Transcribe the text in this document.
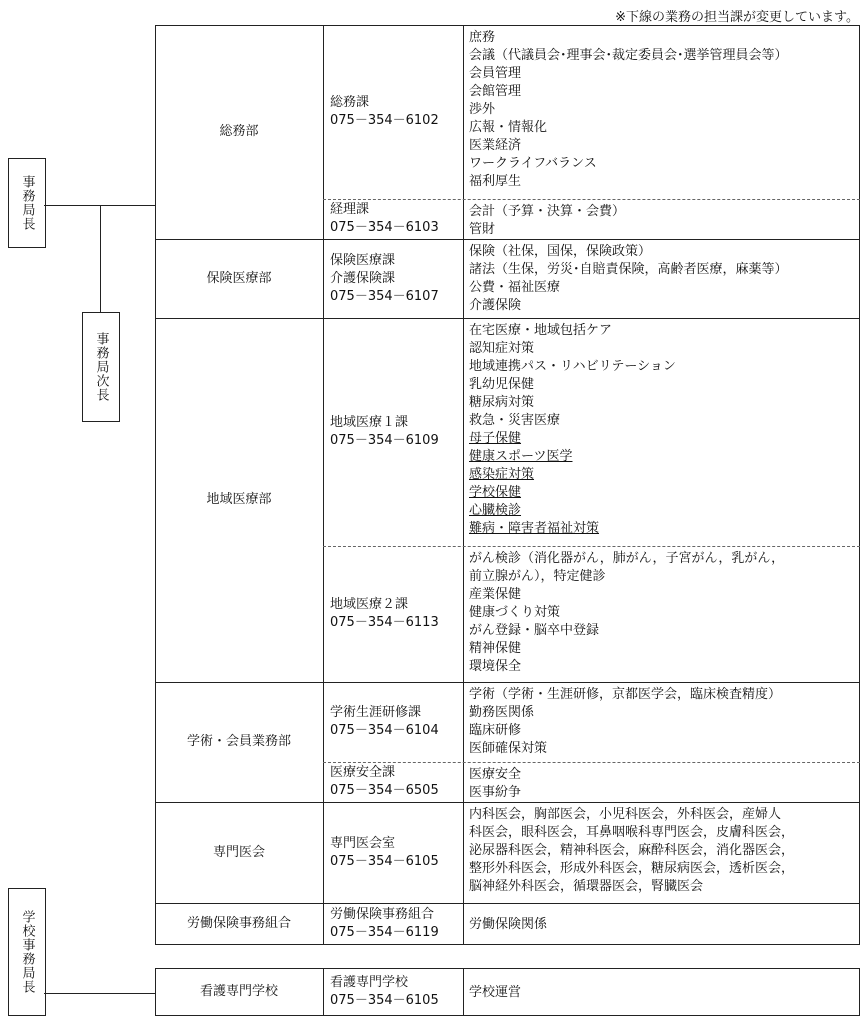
※下線の業務の担当課が変更しています。
事務局長
事務局次長
学校事務局長
総務部
保険医療部
地域医療部
学術・会員業務部
専門医会
労働保険事務組合
総務課
075－354－6102
庶務
会議（代議員会･理事会･裁定委員会･選挙管理員会等）
会員管理
会館管理
渉外
広報・情報化
医業経済
ワークライフバランス
福利厚生
経理課
075－354－6103
会計（予算・決算・会費）
管財
保険医療課
介護保険課
075－354－6107
保険（社保，国保，保険政策）
諸法（生保，労災･自賠責保険，高齢者医療，麻薬等）
公費・福祉医療
介護保険
地域医療１課
075－354－6109
在宅医療・地域包括ケア
認知症対策
地域連携パス・リハビリテーション
乳幼児保健
糖尿病対策
救急・災害医療
母子保健
健康スポーツ医学
感染症対策
学校保健
心臓検診
難病・障害者福祉対策
地域医療２課
075－354－6113
がん検診（消化器がん，肺がん，子宮がん，乳がん，
前立腺がん），特定健診
産業保健
健康づくり対策
がん登録・脳卒中登録
精神保健
環境保全
学術生涯研修課
075－354－6104
学術（学術・生涯研修，京都医学会，臨床検査精度）
勤務医関係
臨床研修
医師確保対策
医療安全課
075－354－6505
医療安全
医事紛争
専門医会室
075－354－6105
内科医会，胸部医会，小児科医会，外科医会，産婦人
科医会，眼科医会，耳鼻咽喉科専門医会，皮膚科医会，
泌尿器科医会，精神科医会，麻酔科医会，消化器医会，
整形外科医会，形成外科医会，糖尿病医会，透析医会，
脳神経外科医会，循環器医会，腎臓医会
労働保険事務組合
075－354－6119
労働保険関係
看護専門学校
看護専門学校
075－354－6105
学校運営
